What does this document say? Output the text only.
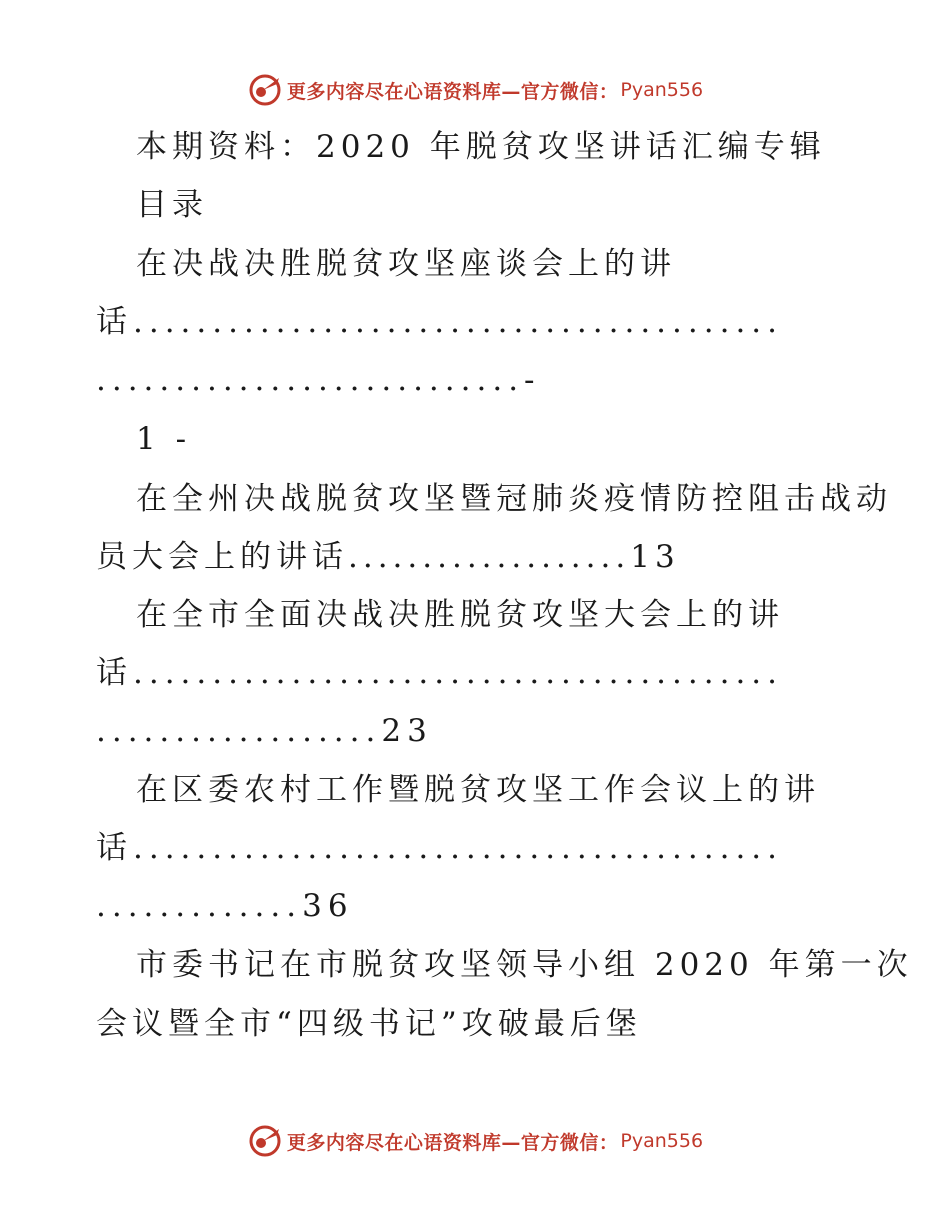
更多内容尽在心语资料库—官方微信： Pyan556
本期资料：2020 年脱贫攻坚讲话汇编专辑
目录
在决战决胜脱贫攻坚座谈会上的讲
话.........................................
...........................-
1 -
在全州决战脱贫攻坚暨冠肺炎疫情防控阻击战动
员大会上的讲话...................13
在全市全面决战决胜脱贫攻坚大会上的讲
话.........................................
..................23
在区委农村工作暨脱贫攻坚工作会议上的讲
话.........................................
.............36
市委书记在市脱贫攻坚领导小组 2020 年第一次
会议暨全市“四级书记”攻破最后堡
更多内容尽在心语资料库—官方微信： Pyan556
